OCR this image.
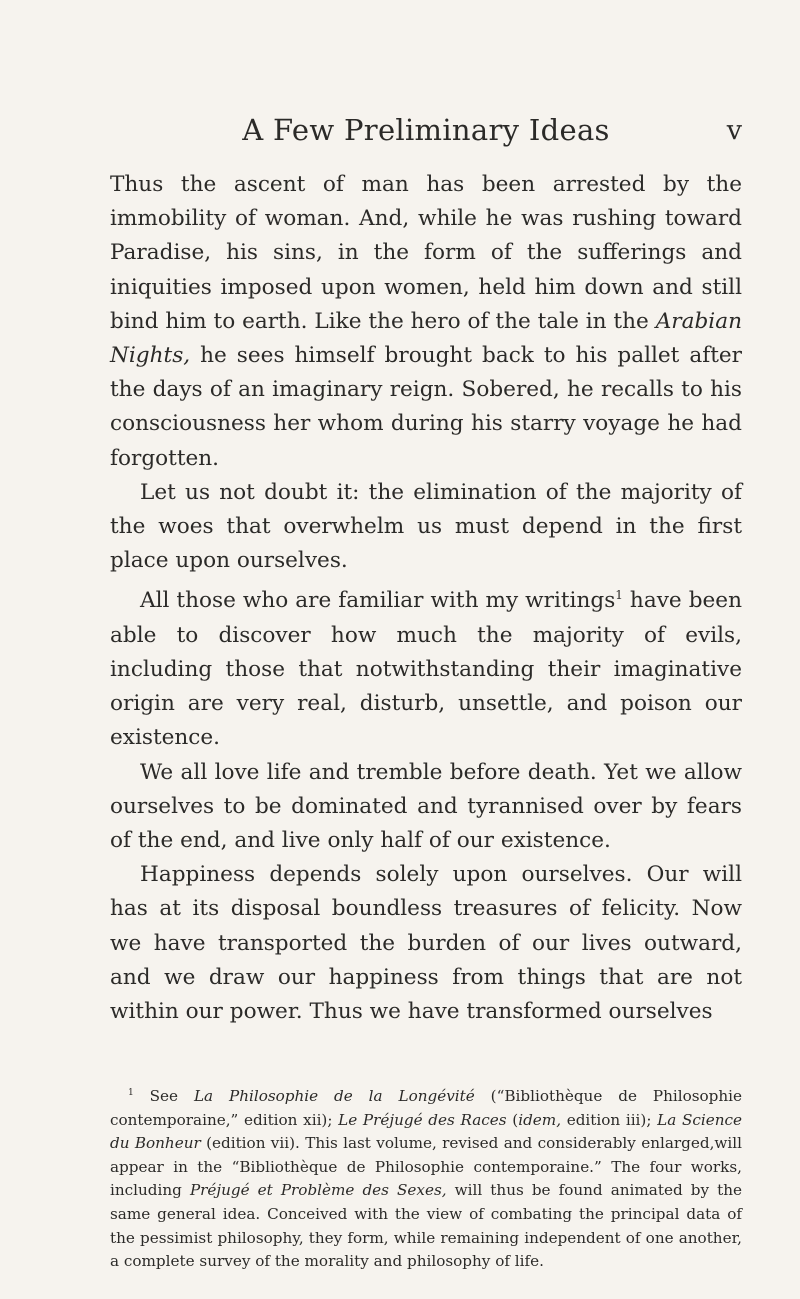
A Few Preliminary Ideas	v

Thus the ascent of man has been arrested by the immobility of woman. And, while he was rushing toward Paradise, his sins, in the form of the sufferings and iniquities imposed upon women, held him down and still bind him to earth. Like the hero of the tale in the Arabian Nights, he sees himself brought back to his pallet after the days of an imaginary reign. Sobered, he recalls to his consciousness her whom during his starry voyage he had forgotten.

Let us not doubt it: the elimination of the majority of the woes that overwhelm us must depend in the first place upon ourselves.

All those who are familiar with my writings$^1$ have been able to discover how much the majority of evils, including those that notwithstanding their imaginative origin are very real, disturb, unsettle, and poison our existence.

We all love life and tremble before death. Yet we allow ourselves to be dominated and tyrannised over by fears of the end, and live only half of our existence.

Happiness depends solely upon ourselves. Our will has at its disposal boundless treasures of felicity. Now we have transported the burden of our lives outward, and we draw our happiness from things that are not within our power. Thus we have transformed ourselves

$^1$ See La Philosophie de la Longévité (“Bibliothèque de Philosophie contemporaine,” edition xii); Le Préjugé des Races (idem, edition iii); La Science du Bonheur (edition vii). This last volume, revised and considerably enlarged,will appear in the “Bibliothèque de Philosophie contemporaine.” The four works, including Préjugé et Problème des Sexes, will thus be found animated by the same general idea. Conceived with the view of combating the principal data of the pessimist philosophy, they form, while remaining independent of one another, a complete survey of the morality and philosophy of life.
